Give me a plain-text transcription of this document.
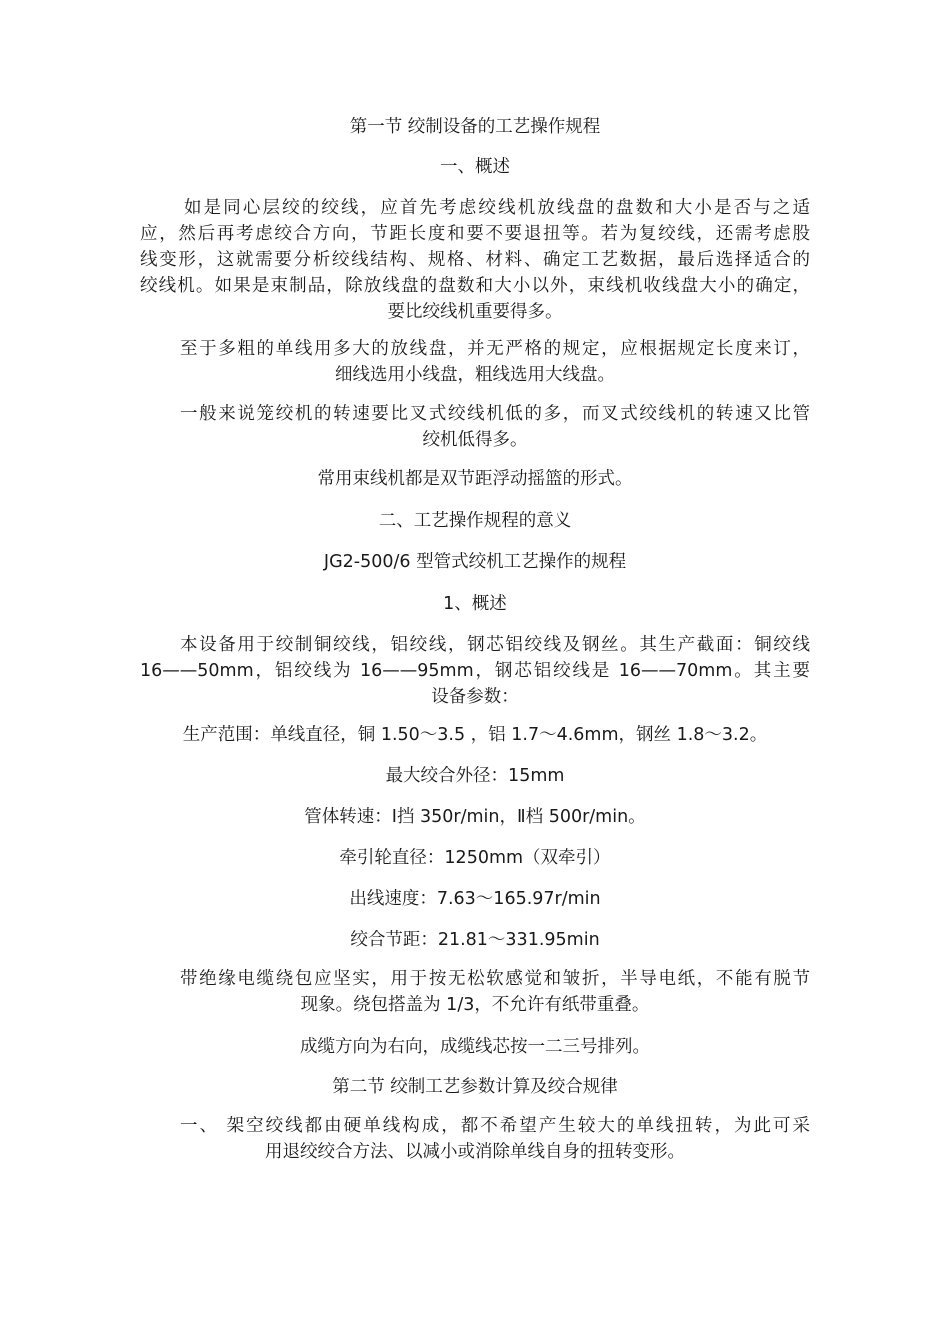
第一节 绞制设备的工艺操作规程
一、概述
如是同心层绞的绞线，应首先考虑绞线机放线盘的盘数和大小是否与之适
应，然后再考虑绞合方向，节距长度和要不要退扭等。若为复绞线，还需考虑股
线变形，这就需要分析绞线结构、规格、材料、确定工艺数据，最后选择适合的
绞线机。如果是束制品，除放线盘的盘数和大小以外，束线机收线盘大小的确定，
要比绞线机重要得多。
至于多粗的单线用多大的放线盘，并无严格的规定，应根据规定长度来订，
细线选用小线盘，粗线选用大线盘。
一般来说笼绞机的转速要比叉式绞线机低的多，而叉式绞线机的转速又比管
绞机低得多。
常用束线机都是双节距浮动摇篮的形式。
二、工艺操作规程的意义
JG2-500/6 型管式绞机工艺操作的规程
1、概述
本设备用于绞制铜绞线，铝绞线，钢芯铝绞线及钢丝。其生产截面：铜绞线
16——50mm，铝绞线为 16——95mm，钢芯铝绞线是 16——70mm。其主要
设备参数：
生产范围：单线直径，铜 1.50～3.5 ，铝 1.7～4.6mm，钢丝 1.8～3.2。
最大绞合外径：15mm
管体转速：Ⅰ挡 350r/min，Ⅱ档 500r/min。
牵引轮直径：1250mm（双牵引）
出线速度：7.63～165.97r/min
绞合节距：21.81～331.95min
带绝缘电缆绕包应坚实，用于按无松软感觉和皱折，半导电纸，不能有脱节
现象。绕包搭盖为 1/3，不允许有纸带重叠。
成缆方向为右向，成缆线芯按一二三号排列。
第二节 绞制工艺参数计算及绞合规律
一、 架空绞线都由硬单线构成，都不希望产生较大的单线扭转，为此可采
用退绞绞合方法、以减小或消除单线自身的扭转变形。
